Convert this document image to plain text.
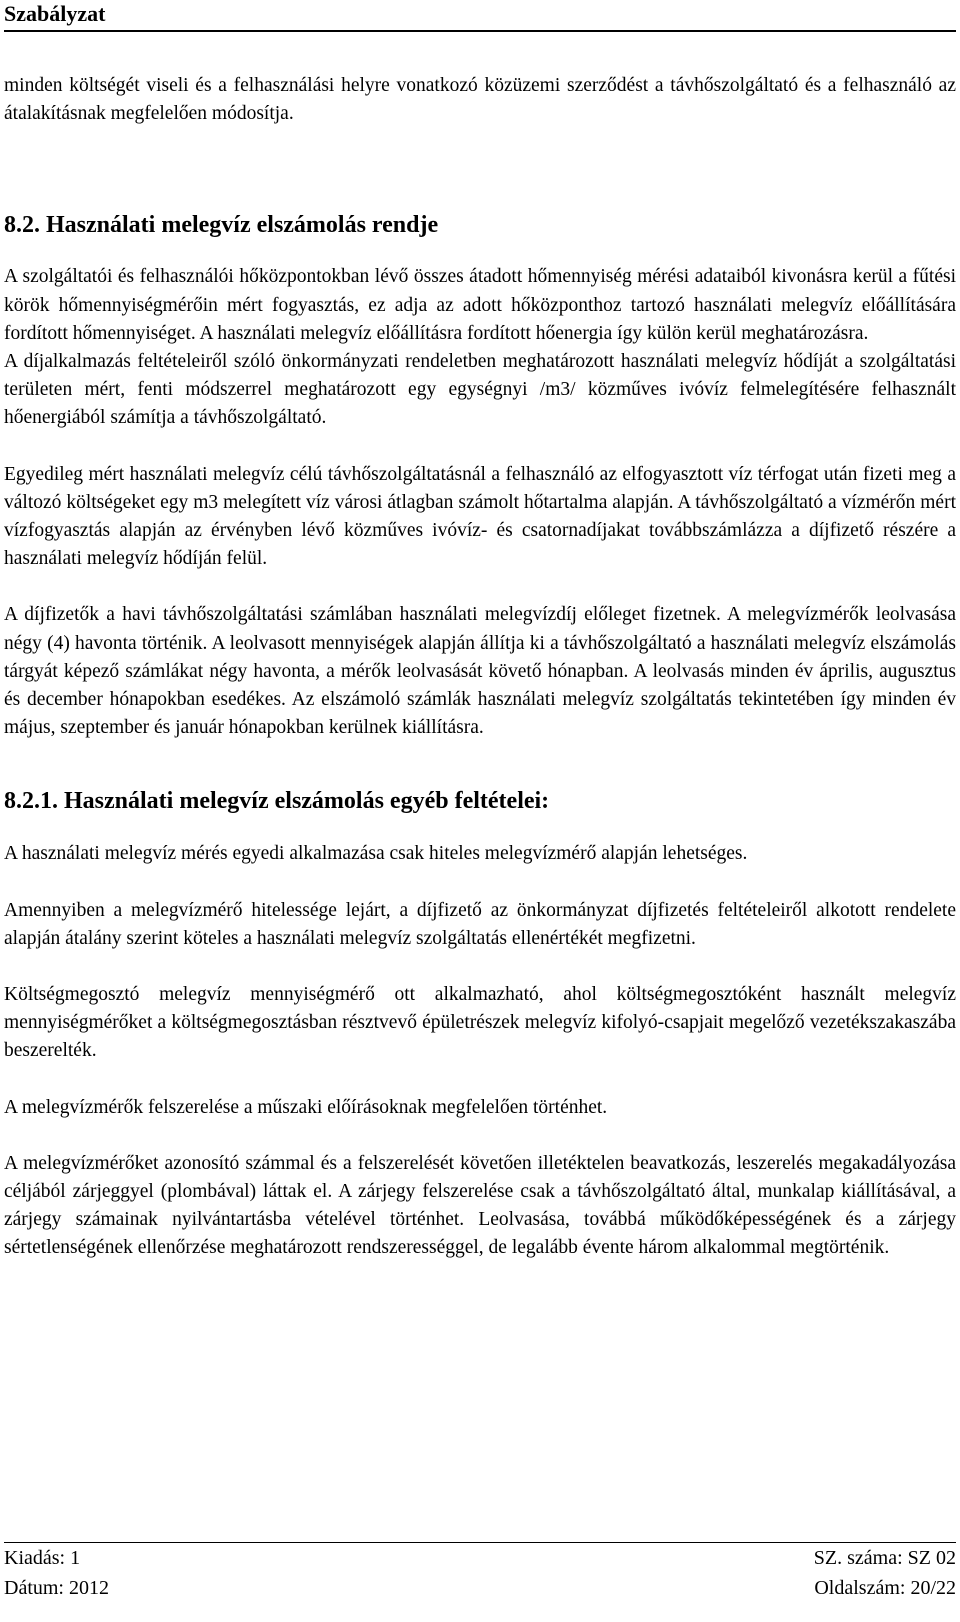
Szabályzat

minden költségét viseli és a felhasználási helyre vonatkozó közüzemi szerződést a távhőszolgáltató és a felhasználó az átalakításnak megfelelően módosítja.

8.2. Használati melegvíz elszámolás rendje

A szolgáltatói és felhasználói hőközpontokban lévő összes átadott hőmennyiség mérési adataiból kivonásra kerül a fűtési körök hőmennyiségmérőin mért fogyasztás, ez adja az adott hőközponthoz tartozó használati melegvíz előállítására fordított hőmennyiséget. A használati melegvíz előállításra fordított hőenergia így külön kerül meghatározásra.

A díjalkalmazás feltételeiről szóló önkormányzati rendeletben meghatározott használati melegvíz hődíját a szolgáltatási területen mért, fenti módszerrel meghatározott egy egységnyi /m3/ közműves ivóvíz felmelegítésére felhasznált hőenergiából számítja a távhőszolgáltató.

Egyedileg mért használati melegvíz célú távhőszolgáltatásnál a felhasználó az elfogyasztott víz térfogat után fizeti meg a változó költségeket egy m3 melegített víz városi átlagban számolt hőtartalma alapján. A távhőszolgáltató a vízmérőn mért vízfogyasztás alapján az érvényben lévő közműves ivóvíz- és csatornadíjakat továbbszámlázza a díjfizető részére a használati melegvíz hődíján felül.

A díjfizetők a havi távhőszolgáltatási számlában használati melegvízdíj előleget fizetnek. A melegvízmérők leolvasása négy (4) havonta történik. A leolvasott mennyiségek alapján állítja ki a távhőszolgáltató a használati melegvíz elszámolás tárgyát képező számlákat négy havonta, a mérők leolvasását követő hónapban. A leolvasás minden év április, augusztus és december hónapokban esedékes. Az elszámoló számlák használati melegvíz szolgáltatás tekintetében így minden év május, szeptember és január hónapokban kerülnek kiállításra.

8.2.1. Használati melegvíz elszámolás egyéb feltételei:

A használati melegvíz mérés egyedi alkalmazása csak hiteles melegvízmérő alapján lehetséges.

Amennyiben a melegvízmérő hitelessége lejárt, a díjfizető az önkormányzat díjfizetés feltételeiről alkotott rendelete alapján átalány szerint köteles a használati melegvíz szolgáltatás ellenértékét megfizetni.

Költségmegosztó melegvíz mennyiségmérő ott alkalmazható, ahol költségmegosztóként használt melegvíz mennyiségmérőket a költségmegosztásban résztvevő épületrészek melegvíz kifolyó-csapjait megelőző vezetékszakaszába beszerelték.

A melegvízmérők felszerelése a műszaki előírásoknak megfelelően történhet.

A melegvízmérőket azonosító számmal és a felszerelését követően illetéktelen beavatkozás, leszerelés megakadályozása céljából zárjeggyel (plombával) láttak el. A zárjegy felszerelése csak a távhőszolgáltató által, munkalap kiállításával, a zárjegy számainak nyilvántartásba vételével történhet. Leolvasása, továbbá működőképességének és a zárjegy sértetlenségének ellenőrzése meghatározott rendszerességgel, de legalább évente három alkalommal megtörténik.

Kiadás: 1	SZ. száma: SZ 02
Dátum: 2012	Oldalszám: 20/22
